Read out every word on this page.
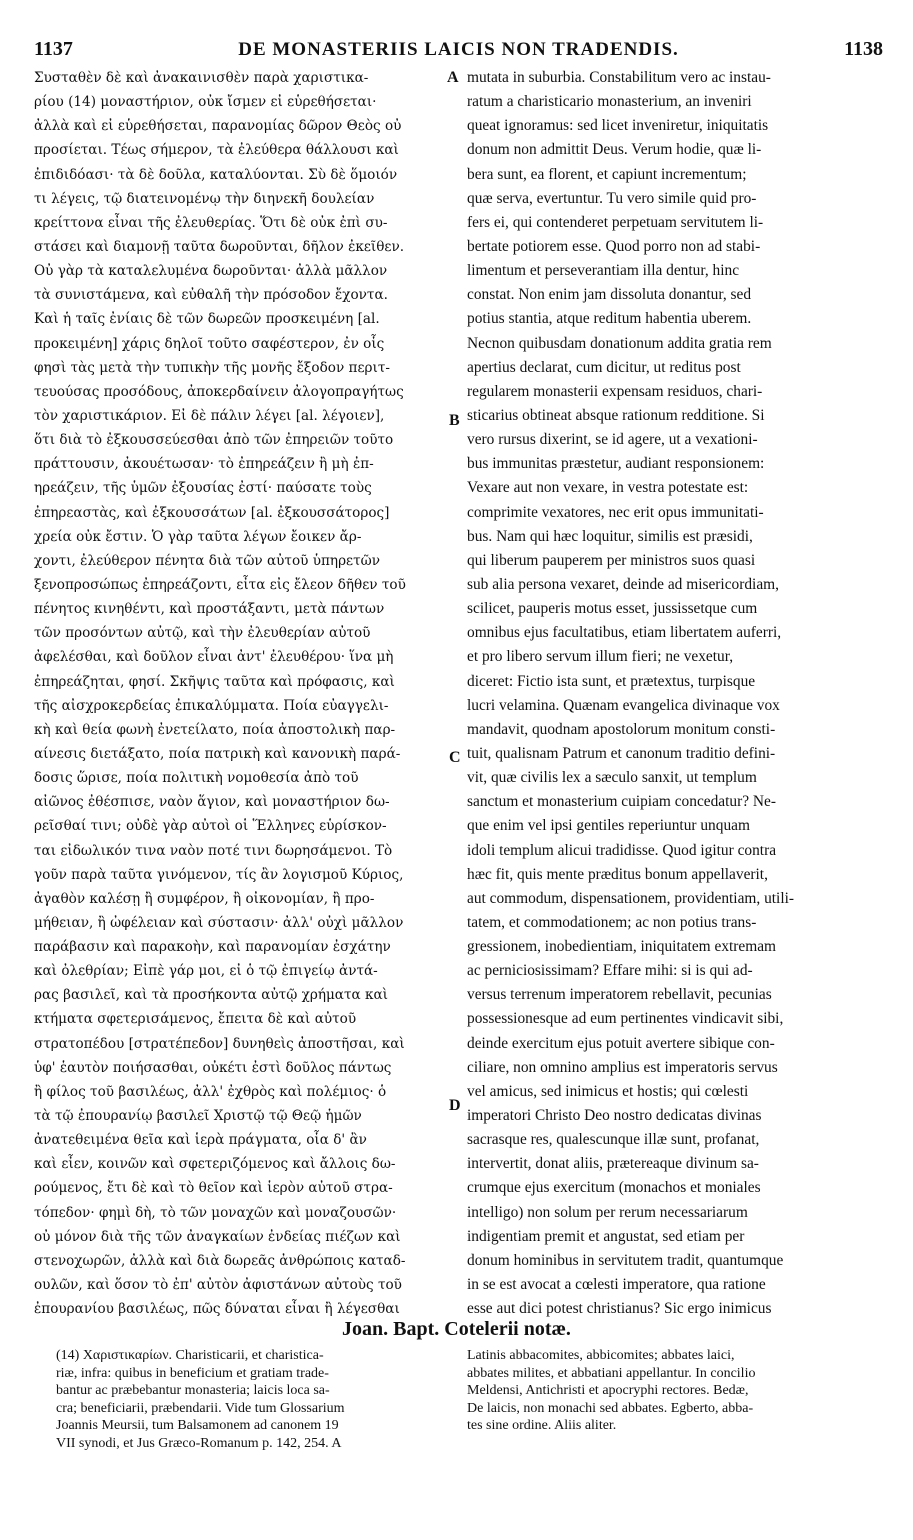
1137	DE MONASTERIIS LAICIS NON TRADENDIS.	1138
Συσταθὲν δὲ καὶ ἀνακαινισθὲν παρὰ χαριστικα-
ρίου (14) μοναστήριον, οὐκ ἴσμεν εἰ εὑρεθήσεται·
ἀλλὰ καὶ εἰ εὑρεθήσεται, παρανομίας δῶρον Θεὸς οὐ
προσίεται. Τέως σήμερον, τὰ ἐλεύθερα θάλλουσι καὶ
ἐπιδιδόασι· τὰ δὲ δοῦλα, καταλύονται. Σὺ δὲ ὅμοιόν
τι λέγεις, τῷ διατεινομένῳ τὴν διηνεκῆ δουλείαν
κρείττονα εἶναι τῆς ἐλευθερίας. Ὅτι δὲ οὐκ ἐπὶ συ-
στάσει καὶ διαμονῇ ταῦτα δωροῦνται, δῆλον ἐκεῖθεν.
Οὐ γὰρ τὰ καταλελυμένα δωροῦνται· ἀλλὰ μᾶλλον
τὰ συνιστάμενα, καὶ εὐθαλῆ τὴν πρόσοδον ἔχοντα.
Καὶ ἡ ταῖς ἐνίαις δὲ τῶν δωρεῶν προσκειμένη [al.
προκειμένη] χάρις δηλοῖ τοῦτο σαφέστερον, ἐν οἷς
φησὶ τὰς μετὰ τὴν τυπικὴν τῆς μονῆς ἔξοδον περιτ-
τευούσας προσόδους, ἀποκερδαίνειν ἀλογοπραγήτως
τὸν χαριστικάριον. Εἰ δὲ πάλιν λέγει [al. λέγοιεν],
ὅτι διὰ τὸ ἐξκουσσεύεσθαι ἀπὸ τῶν ἐπηρειῶν τοῦτο
πράττουσιν, ἀκουέτωσαν· τὸ ἐπηρεάζειν ἢ μὴ ἐπ-
ηρεάζειν, τῆς ὑμῶν ἐξουσίας ἐστί· παύσατε τοὺς
ἐπηρεαστὰς, καὶ ἐξκουσσάτων [al. ἐξκουσσάτορος]
χρεία οὐκ ἔστιν. Ὁ γὰρ ταῦτα λέγων ἔοικεν ἄρ-
χοντι, ἐλεύθερον πένητα διὰ τῶν αὐτοῦ ὑπηρετῶν
ξενοπροσώπως ἐπηρεάζοντι, εἶτα εἰς ἔλεον δῆθεν τοῦ
πένητος κινηθέντι, καὶ προστάξαντι, μετὰ πάντων
τῶν προσόντων αὐτῷ, καὶ τὴν ἐλευθερίαν αὐτοῦ
ἀφελέσθαι, καὶ δοῦλον εἶναι ἀντ' ἐλευθέρου· ἵνα μὴ
ἐπηρεάζηται, φησί. Σκῆψις ταῦτα καὶ πρόφασις, καὶ
τῆς αἰσχροκερδείας ἐπικαλύμματα. Ποία εὐαγγελι-
κὴ καὶ θεία φωνὴ ἐνετείλατο, ποία ἀποστολικὴ παρ-
αίνεσις διετάξατο, ποία πατρικὴ καὶ κανονικὴ παρά-
δοσις ὥρισε, ποία πολιτικὴ νομοθεσία ἀπὸ τοῦ
αἰῶνος ἐθέσπισε, ναὸν ἅγιον, καὶ μοναστήριον δω-
ρεῖσθαί τινι; οὐδὲ γὰρ αὐτοὶ οἱ Ἕλληνες εὑρίσκον-
ται εἰδωλικόν τινα ναὸν ποτέ τινι δωρησάμενοι. Τὸ
γοῦν παρὰ ταῦτα γινόμενον, τίς ἂν λογισμοῦ Κύριος,
ἀγαθὸν καλέσῃ ἢ συμφέρον, ἢ οἰκονομίαν, ἢ προ-
μήθειαν, ἢ ὠφέλειαν καὶ σύστασιν· ἀλλ' οὐχὶ μᾶλλον
παράβασιν καὶ παρακοὴν, καὶ παρανομίαν ἐσχάτην
καὶ ὀλεθρίαν; Εἰπὲ γάρ μοι, εἰ ὁ τῷ ἐπιγείῳ ἀντά-
ρας βασιλεῖ, καὶ τὰ προσήκοντα αὐτῷ χρήματα καὶ
κτήματα σφετερισάμενος, ἔπειτα δὲ καὶ αὐτοῦ
στρατοπέδου [στρατέπεδον] δυνηθεὶς ἀποστῆσαι, καὶ
ὑφ' ἑαυτὸν ποιήσασθαι, οὐκέτι ἐστὶ δοῦλος πάντως
ἢ φίλος τοῦ βασιλέως, ἀλλ' ἐχθρὸς καὶ πολέμιος· ὁ
τὰ τῷ ἐπουρανίῳ βασιλεῖ Χριστῷ τῷ Θεῷ ἡμῶν
ἀνατεθειμένα θεῖα καὶ ἱερὰ πράγματα, οἷα δ' ἂν
καὶ εἶεν, κοινῶν καὶ σφετεριζόμενος καὶ ἄλλοις δω-
ρούμενος, ἔτι δὲ καὶ τὸ θεῖον καὶ ἱερὸν αὐτοῦ στρα-
τόπεδον· φημὶ δὴ, τὸ τῶν μοναχῶν καὶ μοναζουσῶν·
οὐ μόνον διὰ τῆς τῶν ἀναγκαίων ἐνδείας πιέζων καὶ
στενοχωρῶν, ἀλλὰ καὶ διὰ δωρεᾶς ἀνθρώποις καταδ-
ουλῶν, καὶ ὅσον τὸ ἐπ' αὐτὸν ἀφιστάνων αὐτοὺς τοῦ
ἐπουρανίου βασιλέως, πῶς δύναται εἶναι ἢ λέγεσθαι
mutata in suburbia. Constabilitum vero ac instau-
ratum a charisticario monasterium, an inveniri
queat ignoramus: sed licet inveniretur, iniquitatis
donum non admittit Deus. Verum hodie, quæ li-
bera sunt, ea florent, et capiunt incrementum;
quæ serva, evertuntur. Tu vero simile quid pro-
fers ei, qui contenderet perpetuam servitutem li-
bertate potiorem esse. Quod porro non ad stabi-
limentum et perseverantiam illa dentur, hinc
constat. Non enim jam dissoluta donantur, sed
potius stantia, atque reditum habentia uberem.
Necnon quibusdam donationum addita gratia rem
apertius declarat, cum dicitur, ut reditus post
regularem monasterii expensam residuos, chari-
sticarius obtineat absque rationum redditione. Si
vero rursus dixerint, se id agere, ut a vexationi-
bus immunitas præstetur, audiant responsionem:
Vexare aut non vexare, in vestra potestate est:
comprimite vexatores, nec erit opus immunitati-
bus. Nam qui hæc loquitur, similis est præsidi,
qui liberum pauperem per ministros suos quasi
sub alia persona vexaret, deinde ad misericordiam,
scilicet, pauperis motus esset, jussissetque cum
omnibus ejus facultatibus, etiam libertatem auferri,
et pro libero servum illum fieri; ne vexetur,
diceret: Fictio ista sunt, et prætextus, turpisque
lucri velamina. Quænam evangelica divinaque vox
mandavit, quodnam apostolorum monitum consti-
tuit, qualisnam Patrum et canonum traditio defini-
vit, quæ civilis lex a sæculo sanxit, ut templum
sanctum et monasterium cuipiam concedatur? Ne-
que enim vel ipsi gentiles reperiuntur unquam
idoli templum alicui tradidisse. Quod igitur contra
hæc fit, quis mente præditus bonum appellaverit,
aut commodum, dispensationem, providentiam, utili-
tatem, et commodationem; ac non potius trans-
gressionem, inobedientiam, iniquitatem extremam
ac perniciosissimam? Effare mihi: si is qui ad-
versus terrenum imperatorem rebellavit, pecunias
possessionesque ad eum pertinentes vindicavit sibi,
deinde exercitum ejus potuit avertere sibique con-
ciliare, non omnino amplius est imperatoris servus
vel amicus, sed inimicus et hostis; qui cœlesti
imperatori Christo Deo nostro dedicatas divinas
sacrasque res, qualescunque illæ sunt, profanat,
intervertit, donat aliis, prætereaque divinum sa-
crumque ejus exercitum (monachos et moniales
intelligo) non solum per rerum necessariarum
indigentiam premit et angustat, sed etiam per
donum hominibus in servitutem tradit, quantumque
in se est avocat a cœlesti imperatore, qua ratione
esse aut dici potest christianus? Sic ergo inimicus
A
B
C
D
Joan. Bapt. Cotelerii notæ.
(14) Χαριστικαρίων. Charisticarii, et charistica-
riæ, infra: quibus in beneficium et gratiam trade-
bantur ac præbebantur monasteria; laicis loca sa-
cra; beneficiarii, præbendarii. Vide tum Glossarium
Joannis Meursii, tum Balsamonem ad canonem 19
VII synodi, et Jus Græco-Romanum p. 142, 254. A
Latinis abbacomites, abbicomites; abbates laici,
abbates milites, et abbatiani appellantur. In concilio
Meldensi, Antichristi et apocryphi rectores. Bedæ,
De laicis, non monachi sed abbates. Egberto, abba-
tes sine ordine. Aliis aliter.
